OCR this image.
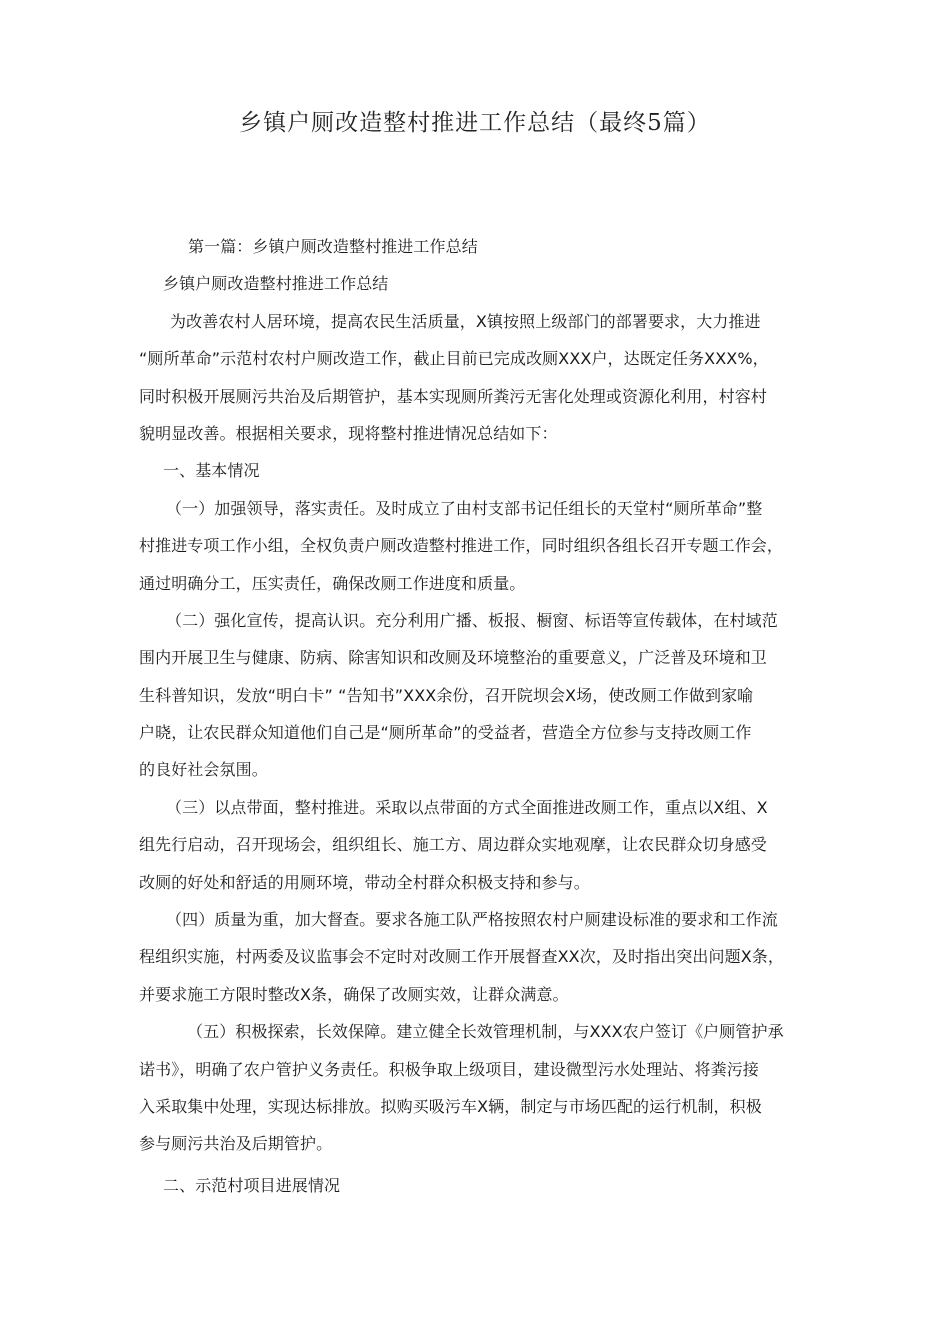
乡镇户厕改造整村推进工作总结（最终5篇）
第一篇：乡镇户厕改造整村推进工作总结
乡镇户厕改造整村推进工作总结
为改善农村人居环境，提高农民生活质量，X镇按照上级部门的部署要求，大力推进
“厕所革命”示范村农村户厕改造工作，截止目前已完成改厕XXX户，达既定任务XXX%，
同时积极开展厕污共治及后期管护，基本实现厕所粪污无害化处理或资源化利用，村容村
貌明显改善。根据相关要求，现将整村推进情况总结如下：
一、基本情况
（一）加强领导，落实责任。及时成立了由村支部书记任组长的天堂村“厕所革命”整
村推进专项工作小组，全权负责户厕改造整村推进工作，同时组织各组长召开专题工作会，
通过明确分工，压实责任，确保改厕工作进度和质量。
（二）强化宣传，提高认识。充分利用广播、板报、橱窗、标语等宣传载体，在村域范
围内开展卫生与健康、防病、除害知识和改厕及环境整治的重要意义，广泛普及环境和卫
生科普知识，发放“明白卡” “告知书”XXX余份，召开院坝会X场，使改厕工作做到家喻
户晓，让农民群众知道他们自己是“厕所革命”的受益者，营造全方位参与支持改厕工作
的良好社会氛围。
（三）以点带面，整村推进。采取以点带面的方式全面推进改厕工作，重点以X组、X
组先行启动，召开现场会，组织组长、施工方、周边群众实地观摩，让农民群众切身感受
改厕的好处和舒适的用厕环境，带动全村群众积极支持和参与。
（四）质量为重，加大督查。要求各施工队严格按照农村户厕建设标准的要求和工作流
程组织实施，村两委及议监事会不定时对改厕工作开展督查XX次，及时指出突出问题X条，
并要求施工方限时整改X条，确保了改厕实效，让群众满意。
（五）积极探索，长效保障。建立健全长效管理机制，与XXX农户签订《户厕管护承
诺书》，明确了农户管护义务责任。积极争取上级项目，建设微型污水处理站、将粪污接
入采取集中处理，实现达标排放。拟购买吸污车X辆，制定与市场匹配的运行机制，积极
参与厕污共治及后期管护。
二、示范村项目进展情况
